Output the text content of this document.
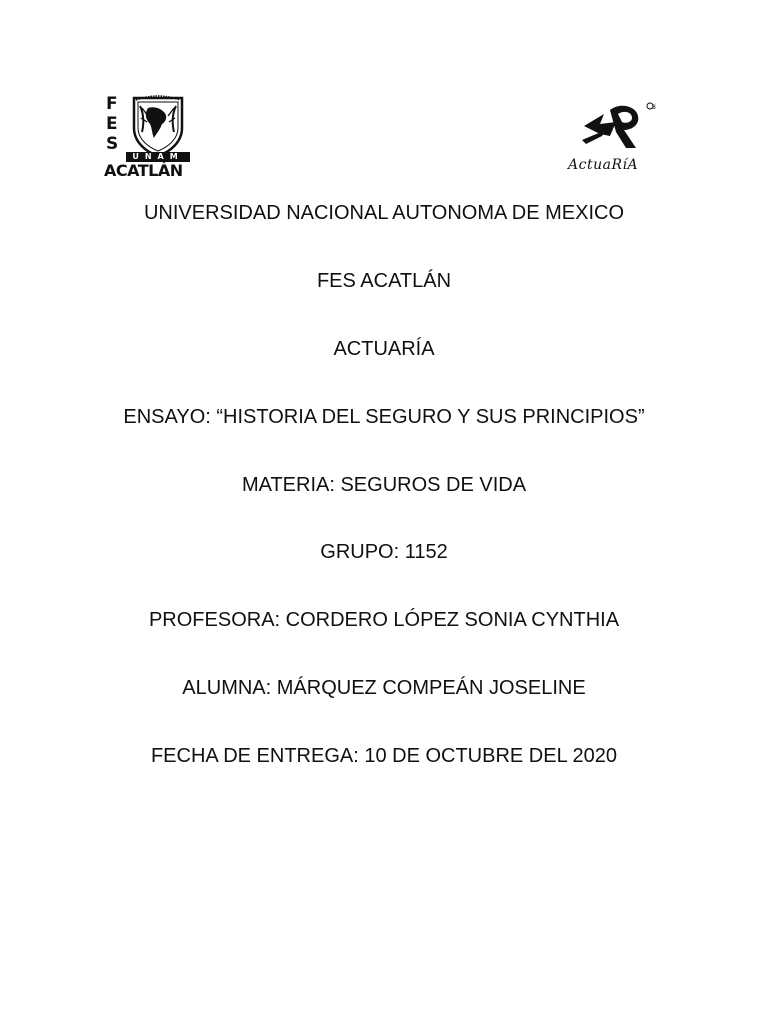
F
E
S
UNAM
ACATLÁN
8
ActuaRíA
UNIVERSIDAD NACIONAL AUTONOMA DE MEXICO
FES ACATLÁN
ACTUARÍA
ENSAYO: “HISTORIA DEL SEGURO Y SUS PRINCIPIOS”
MATERIA: SEGUROS DE VIDA
GRUPO: 1152
PROFESORA: CORDERO LÓPEZ SONIA CYNTHIA
ALUMNA: MÁRQUEZ COMPEÁN JOSELINE
FECHA DE ENTREGA: 10 DE OCTUBRE DEL 2020
